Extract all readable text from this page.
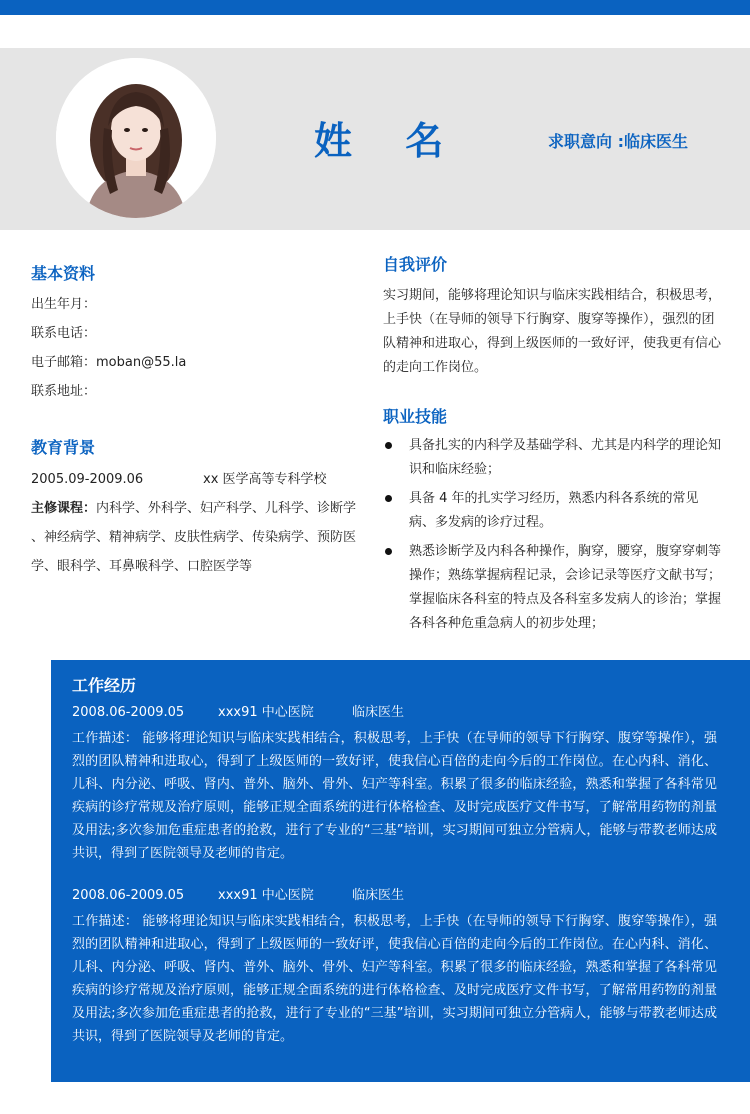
姓 名	求职意向 :临床医生
基本资料
出生年月：
联系电话：
电子邮箱：moban@55.la
联系地址：
教育背景
2005.09-2009.06	xx 医学高等专科学校
主修课程：内科学、外科学、妇产科学、儿科学、诊断学 、神经病学、精神病学、皮肤性病学、传染病学、预防医学、眼科学、耳鼻喉科学、口腔医学等
自我评价
实习期间，能够将理论知识与临床实践相结合，积极思考，上手快（在导师的领导下行胸穿、腹穿等操作），强烈的团队精神和进取心，得到上级医师的一致好评，使我更有信心的走向工作岗位。
职业技能
具备扎实的内科学及基础学科、尤其是内科学的理论知识和临床经验；
具备 4 年的扎实学习经历，熟悉内科各系统的常见病、多发病的诊疗过程。
熟悉诊断学及内科各种操作，胸穿，腰穿，腹穿穿刺等操作；熟练掌握病程记录，会诊记录等医疗文献书写；掌握临床各科室的特点及各科室多发病人的诊治；掌握各科各种危重急病人的初步处理；
工作经历
2008.06-2009.05	xxx91 中心医院	临床医生
工作描述： 能够将理论知识与临床实践相结合，积极思考，上手快（在导师的领导下行胸穿、腹穿等操作），强烈的团队精神和进取心，得到了上级医师的一致好评，使我信心百倍的走向今后的工作岗位。在心内科、消化、儿科、内分泌、呼吸、肾内、普外、脑外、骨外、妇产等科室。积累了很多的临床经验，熟悉和掌握了各科常见疾病的诊疗常规及治疗原则，能够正规全面系统的进行体格检查、及时完成医疗文件书写，了解常用药物的剂量及用法;多次参加危重症患者的抢救，进行了专业的“三基”培训，实习期间可独立分管病人，能够与带教老师达成共识，得到了医院领导及老师的肯定。
2008.06-2009.05	xxx91 中心医院	临床医生
工作描述： 能够将理论知识与临床实践相结合，积极思考，上手快（在导师的领导下行胸穿、腹穿等操作），强烈的团队精神和进取心，得到了上级医师的一致好评，使我信心百倍的走向今后的工作岗位。在心内科、消化、儿科、内分泌、呼吸、肾内、普外、脑外、骨外、妇产等科室。积累了很多的临床经验，熟悉和掌握了各科常见疾病的诊疗常规及治疗原则，能够正规全面系统的进行体格检查、及时完成医疗文件书写，了解常用药物的剂量及用法;多次参加危重症患者的抢救，进行了专业的“三基”培训，实习期间可独立分管病人，能够与带教老师达成共识，得到了医院领导及老师的肯定。
